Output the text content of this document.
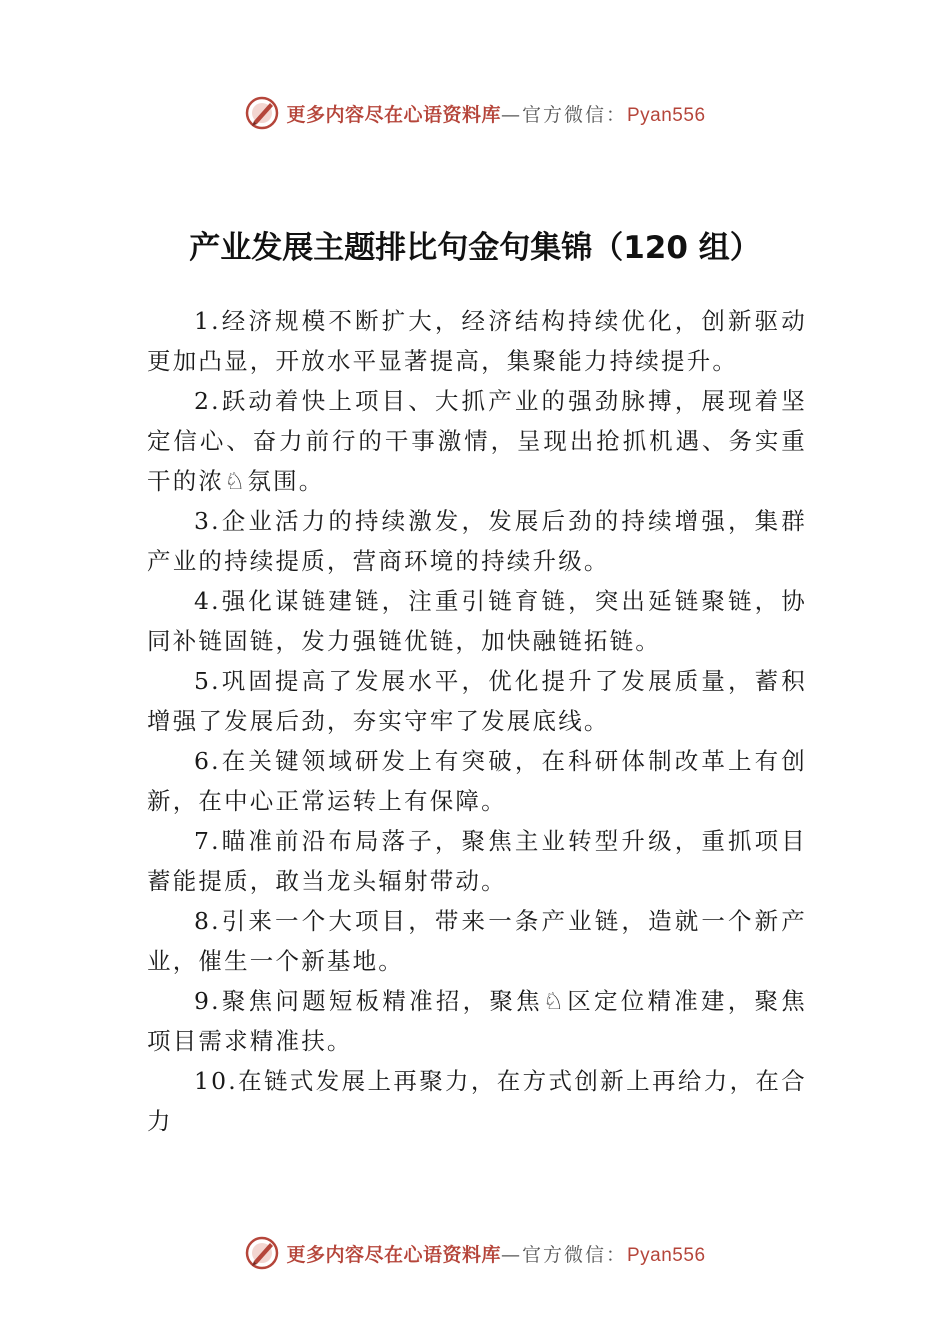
更多内容尽在心语资料库—官方微信：Pyan556
产业发展主题排比句金句集锦（120 组）

1.经济规模不断扩大，经济结构持续优化，创新驱动更加凸显，开放水平显著提高，集聚能力持续提升。

2.跃动着快上项目、大抓产业的强劲脉搏，展现着坚定信心、奋力前行的干事激情，呈现出抢抓机遇、务实重干的浓♘氛围。

3.企业活力的持续激发，发展后劲的持续增强，集群产业的持续提质，营商环境的持续升级。

4.强化谋链建链，注重引链育链，突出延链聚链，协同补链固链，发力强链优链，加快融链拓链。

5.巩固提高了发展水平，优化提升了发展质量，蓄积增强了发展后劲，夯实守牢了发展底线。

6.在关键领域研发上有突破，在科研体制改革上有创新，在中心正常运转上有保障。

7.瞄准前沿布局落子，聚焦主业转型升级，重抓项目蓄能提质，敢当龙头辐射带动。

8.引来一个大项目，带来一条产业链，造就一个新产业，催生一个新基地。

9.聚焦问题短板精准招，聚焦♘区定位精准建，聚焦项目需求精准扶。

10.在链式发展上再聚力，在方式创新上再给力，在合力

更多内容尽在心语资料库—官方微信：Pyan556
